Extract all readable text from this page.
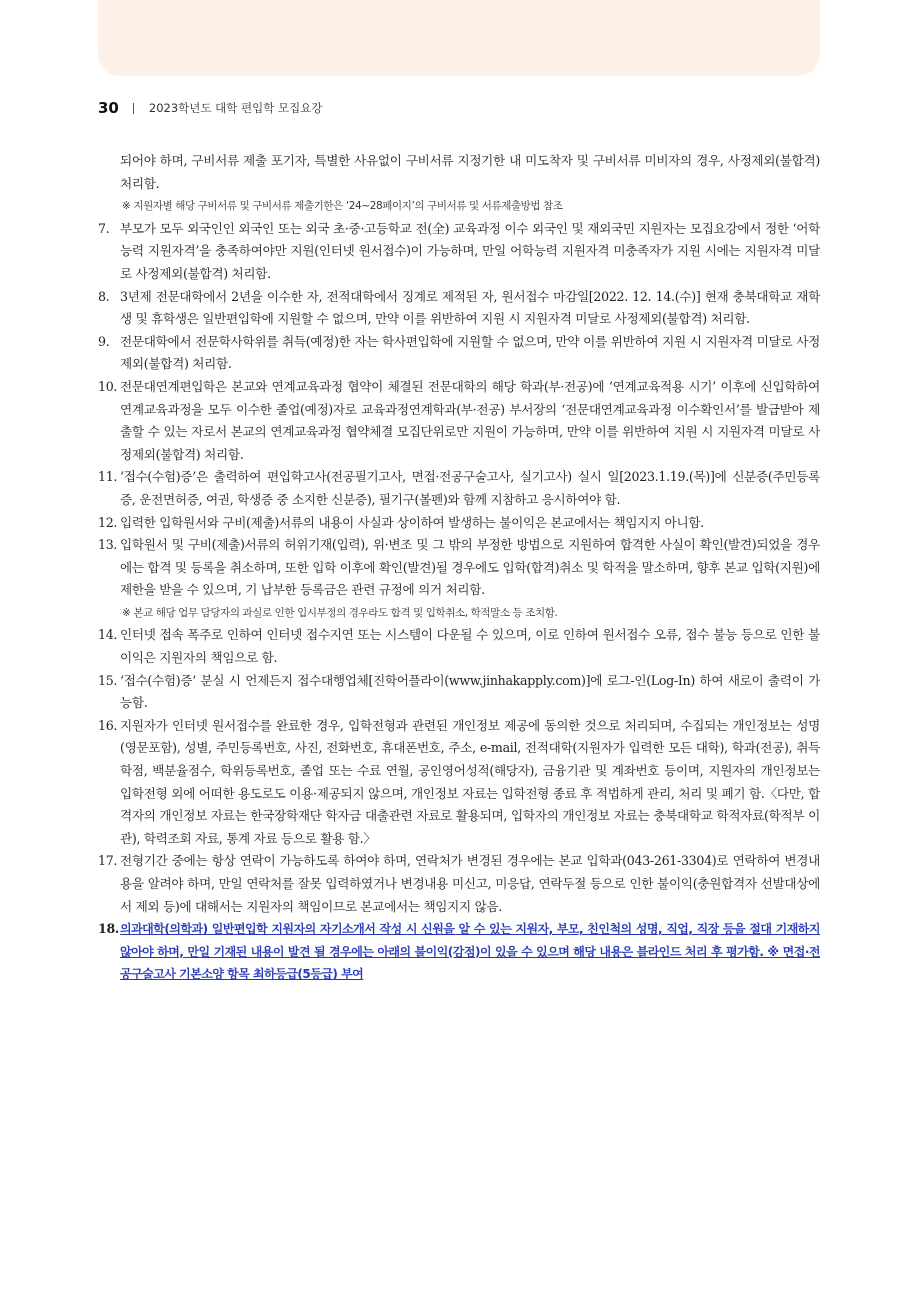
30	2023학년도 대학 편입학 모집요강

되어야 하며, 구비서류 제출 포기자, 특별한 사유없이 구비서류 지정기한 내 미도착자 및 구비서류 미비자의 경우, 사정제외(불합격) 처리함.

※ 지원자별 해당 구비서류 및 구비서류 제출기한은 ‘24~28페이지’의 구비서류 및 서류제출방법 참조
7. 부모가 모두 외국인인 외국인 또는 외국 초·중·고등학교 전(全) 교육과정 이수 외국인 및 재외국민 지원자는 모집요강에서 정한 ‘어학능력 지원자격’을 충족하여야만 지원(인터넷 원서접수)이 가능하며, 만일 어학능력 지원자격 미충족자가 지원 시에는 지원자격 미달로 사정제외(불합격) 처리함.
8. 3년제 전문대학에서 2년을 이수한 자, 전적대학에서 징계로 제적된 자, 원서접수 마감일[2022. 12. 14.(수)] 현재 충북대학교 재학생 및 휴학생은 일반편입학에 지원할 수 없으며, 만약 이를 위반하여 지원 시 지원자격 미달로 사정제외(불합격) 처리함.
9. 전문대학에서 전문학사학위를 취득(예정)한 자는 학사편입학에 지원할 수 없으며, 만약 이를 위반하여 지원 시 지원자격 미달로 사정제외(불합격) 처리함.
10. 전문대연계편입학은 본교와 연계교육과정 협약이 체결된 전문대학의 해당 학과(부·전공)에 ‘연계교육적용 시기’ 이후에 신입학하여 연계교육과정을 모두 이수한 졸업(예정)자로 교육과정연계학과(부·전공) 부서장의 ‘전문대연계교육과정 이수확인서’를 발급받아 제출할 수 있는 자로서 본교의 연계교육과정 협약체결 모집단위로만 지원이 가능하며, 만약 이를 위반하여 지원 시 지원자격 미달로 사정제외(불합격) 처리함.
11. ‘접수(수험)증’은 출력하여 편입학고사(전공필기고사, 면접·전공구술고사, 실기고사) 실시 일[2023.1.19.(목)]에 신분증(주민등록증, 운전면허증, 여권, 학생증 중 소지한 신분증), 필기구(볼펜)와 함께 지참하고 응시하여야 함.
12. 입력한 입학원서와 구비(제출)서류의 내용이 사실과 상이하여 발생하는 불이익은 본교에서는 책임지지 아니함.
13. 입학원서 및 구비(제출)서류의 허위기재(입력), 위·변조 및 그 밖의 부정한 방법으로 지원하여 합격한 사실이 확인(발견)되었을 경우에는 합격 및 등록을 취소하며, 또한 입학 이후에 확인(발견)될 경우에도 입학(합격)취소 및 학적을 말소하며, 향후 본교 입학(지원)에 제한을 받을 수 있으며, 기 납부한 등록금은 관련 규정에 의거 처리함.
※ 본교 해당 업무 담당자의 과실로 인한 입시부정의 경우라도 합격 및 입학취소, 학적말소 등 조치함.
14. 인터넷 접속 폭주로 인하여 인터넷 접수지연 또는 시스템이 다운될 수 있으며, 이로 인하여 원서접수 오류, 접수 불능 등으로 인한 불이익은 지원자의 책임으로 함.
15. ‘접수(수험)증’ 분실 시 언제든지 접수대행업체[진학어플라이(www.jinhakapply.com)]에 로그-인(Log-In) 하여 새로이 출력이 가능함.
16. 지원자가 인터넷 원서접수를 완료한 경우, 입학전형과 관련된 개인정보 제공에 동의한 것으로 처리되며, 수집되는 개인정보는 성명(영문포함), 성별, 주민등록번호, 사진, 전화번호, 휴대폰번호, 주소, e-mail, 전적대학(지원자가 입력한 모든 대학), 학과(전공), 취득학점, 백분율점수, 학위등록번호, 졸업 또는 수료 연월, 공인영어성적(해당자), 금융기관 및 계좌번호 등이며, 지원자의 개인정보는 입학전형 외에 어떠한 용도로도 이용·제공되지 않으며, 개인정보 자료는 입학전형 종료 후 적법하게 관리, 처리 및 폐기 함.〈다만, 합격자의 개인정보 자료는 한국장학재단 학자금 대출관련 자료로 활용되며, 입학자의 개인정보 자료는 충북대학교 학적자료(학적부 이관), 학력조회 자료, 통계 자료 등으로 활용 함.〉
17. 전형기간 중에는 항상 연락이 가능하도록 하여야 하며, 연락처가 변경된 경우에는 본교 입학과(043-261-3304)로 연락하여 변경내용을 알려야 하며, 만일 연락처를 잘못 입력하였거나 변경내용 미신고, 미응답, 연락두절 등으로 인한 불이익(충원합격자 선발대상에서 제외 등)에 대해서는 지원자의 책임이므로 본교에서는 책임지지 않음.
18. 의과대학(의학과) 일반편입학 지원자의 자기소개서 작성 시 신원을 알 수 있는 지원자, 부모, 친인척의 성명, 직업, 직장 등을 절대 기재하지 않아야 하며, 만일 기재된 내용이 발견 될 경우에는 아래의 불이익(감점)이 있을 수 있으며 해당 내용은 블라인드 처리 후 평가함. ※ 면접·전공구술고사 기본소양 항목 최하등급(5등급) 부여
